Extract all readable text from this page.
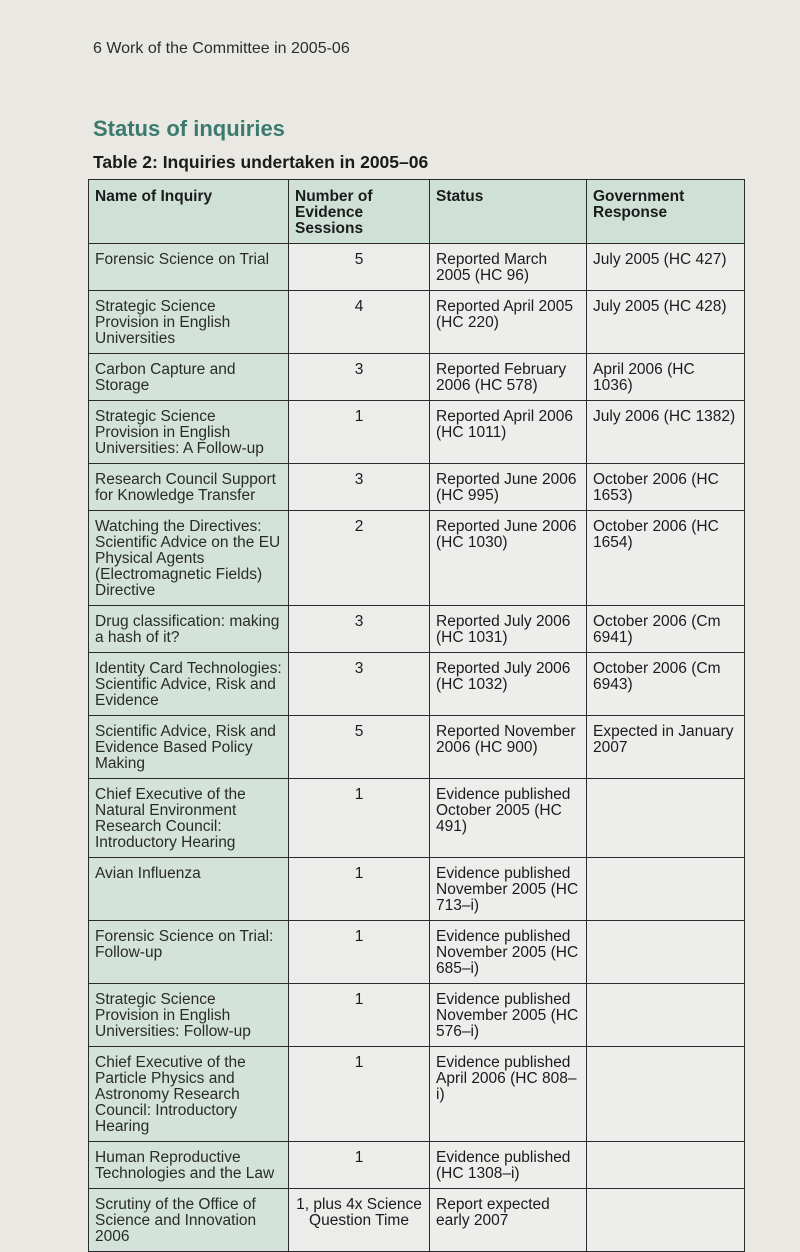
6 Work of the Committee in 2005-06
Status of inquiries
Table 2: Inquiries undertaken in 2005–06
Name of Inquiry	Number of Evidence Sessions	Status	Government Response
Forensic Science on Trial	5	Reported March 2005 (HC 96)	July 2005 (HC 427)
Strategic Science Provision in English Universities	4	Reported April 2005 (HC 220)	July 2005 (HC 428)
Carbon Capture and Storage	3	Reported February 2006 (HC 578)	April 2006 (HC 1036)
Strategic Science Provision in English Universities: A Follow-up	1	Reported April 2006 (HC 1011)	July 2006 (HC 1382)
Research Council Support for Knowledge Transfer	3	Reported June 2006 (HC 995)	October 2006 (HC 1653)
Watching the Directives: Scientific Advice on the EU Physical Agents (Electromagnetic Fields) Directive	2	Reported June 2006 (HC 1030)	October 2006 (HC 1654)
Drug classification: making a hash of it?	3	Reported July 2006 (HC 1031)	October 2006 (Cm 6941)
Identity Card Technologies: Scientific Advice, Risk and Evidence	3	Reported July 2006 (HC 1032)	October 2006 (Cm 6943)
Scientific Advice, Risk and Evidence Based Policy Making	5	Reported November 2006 (HC 900)	Expected in January 2007
Chief Executive of the Natural Environment Research Council: Introductory Hearing	1	Evidence published October 2005 (HC 491)	
Avian Influenza	1	Evidence published November 2005 (HC 713–i)	
Forensic Science on Trial: Follow-up	1	Evidence published November 2005 (HC 685–i)	
Strategic Science Provision in English Universities: Follow-up	1	Evidence published November 2005 (HC 576–i)	
Chief Executive of the Particle Physics and Astronomy Research Council: Introductory Hearing	1	Evidence published April 2006 (HC 808–i)	
Human Reproductive Technologies and the Law	1	Evidence published (HC 1308–i)	
Scrutiny of the Office of Science and Innovation 2006	1, plus 4x Science Question Time	Report expected early 2007	
